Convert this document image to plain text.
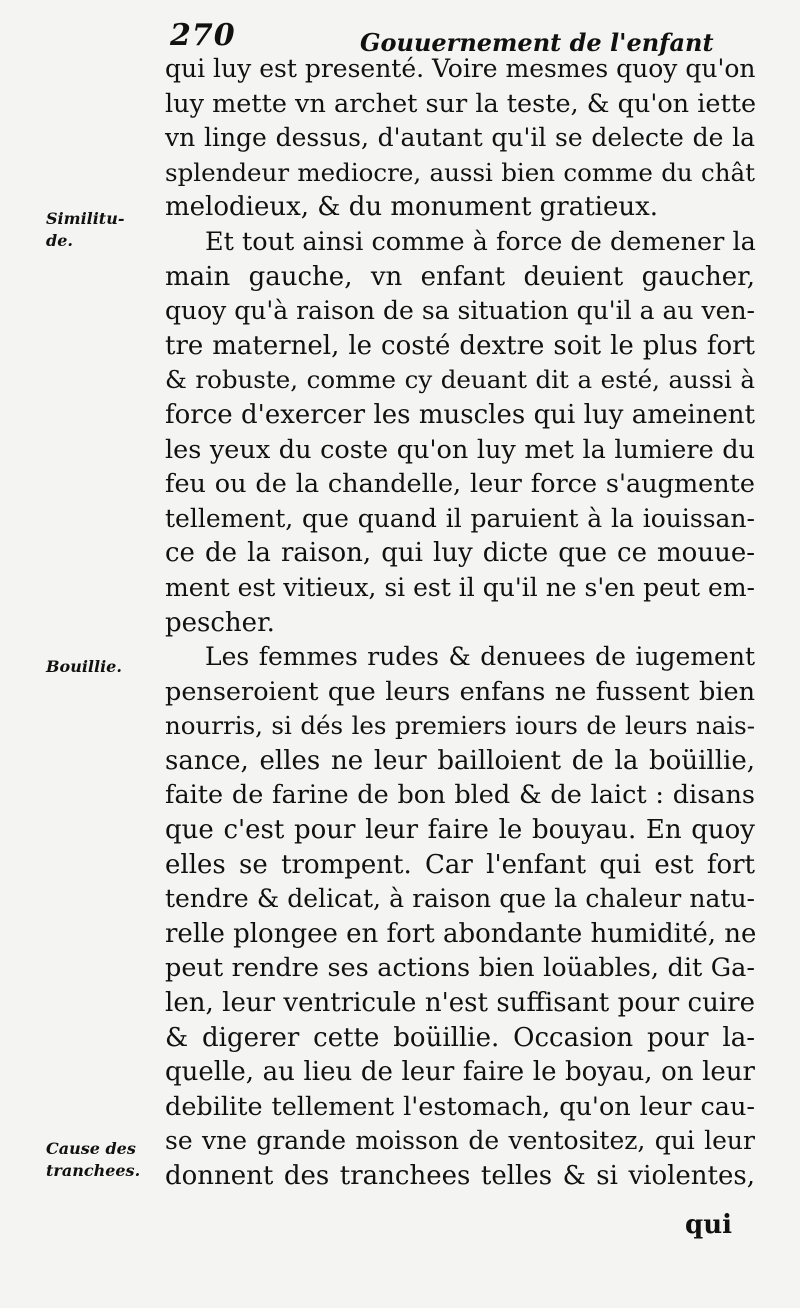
270	Gouuernement de l'enfant
Similitu-
de.
Bouillie.
Cause des
tranchees.
qui luy est presenté. Voire mesmes quoy qu'on
luy mette vn archet sur la teste, & qu'on iette
vn linge dessus, d'autant qu'il se delecte de la
splendeur mediocre, aussi bien comme du chât
melodieux, & du monument gratieux.
Et tout ainsi comme à force de demener la
main gauche, vn enfant deuient gaucher,
quoy qu'à raison de sa situation qu'il a au ven-
tre maternel, le costé dextre soit le plus fort
& robuste, comme cy deuant dit a esté, aussi à
force d'exercer les muscles qui luy ameinent
les yeux du coste qu'on luy met la lumiere du
feu ou de la chandelle, leur force s'augmente
tellement, que quand il paruient à la iouissan-
ce de la raison, qui luy dicte que ce mouue-
ment est vitieux, si est il qu'il ne s'en peut em-
pescher.
Les femmes rudes & denuees de iugement
penseroient que leurs enfans ne fussent bien
nourris, si dés les premiers iours de leurs nais-
sance, elles ne leur bailloient de la boüillie,
faite de farine de bon bled & de laict : disans
que c'est pour leur faire le bouyau. En quoy
elles se trompent. Car l'enfant qui est fort
tendre & delicat, à raison que la chaleur natu-
relle plongee en fort abondante humidité, ne
peut rendre ses actions bien loüables, dit Ga-
len, leur ventricule n'est suffisant pour cuire
& digerer cette boüillie. Occasion pour la-
quelle, au lieu de leur faire le boyau, on leur
debilite tellement l'estomach, qu'on leur cau-
se vne grande moisson de ventositez, qui leur
donnent des tranchees telles & si violentes,
qui
